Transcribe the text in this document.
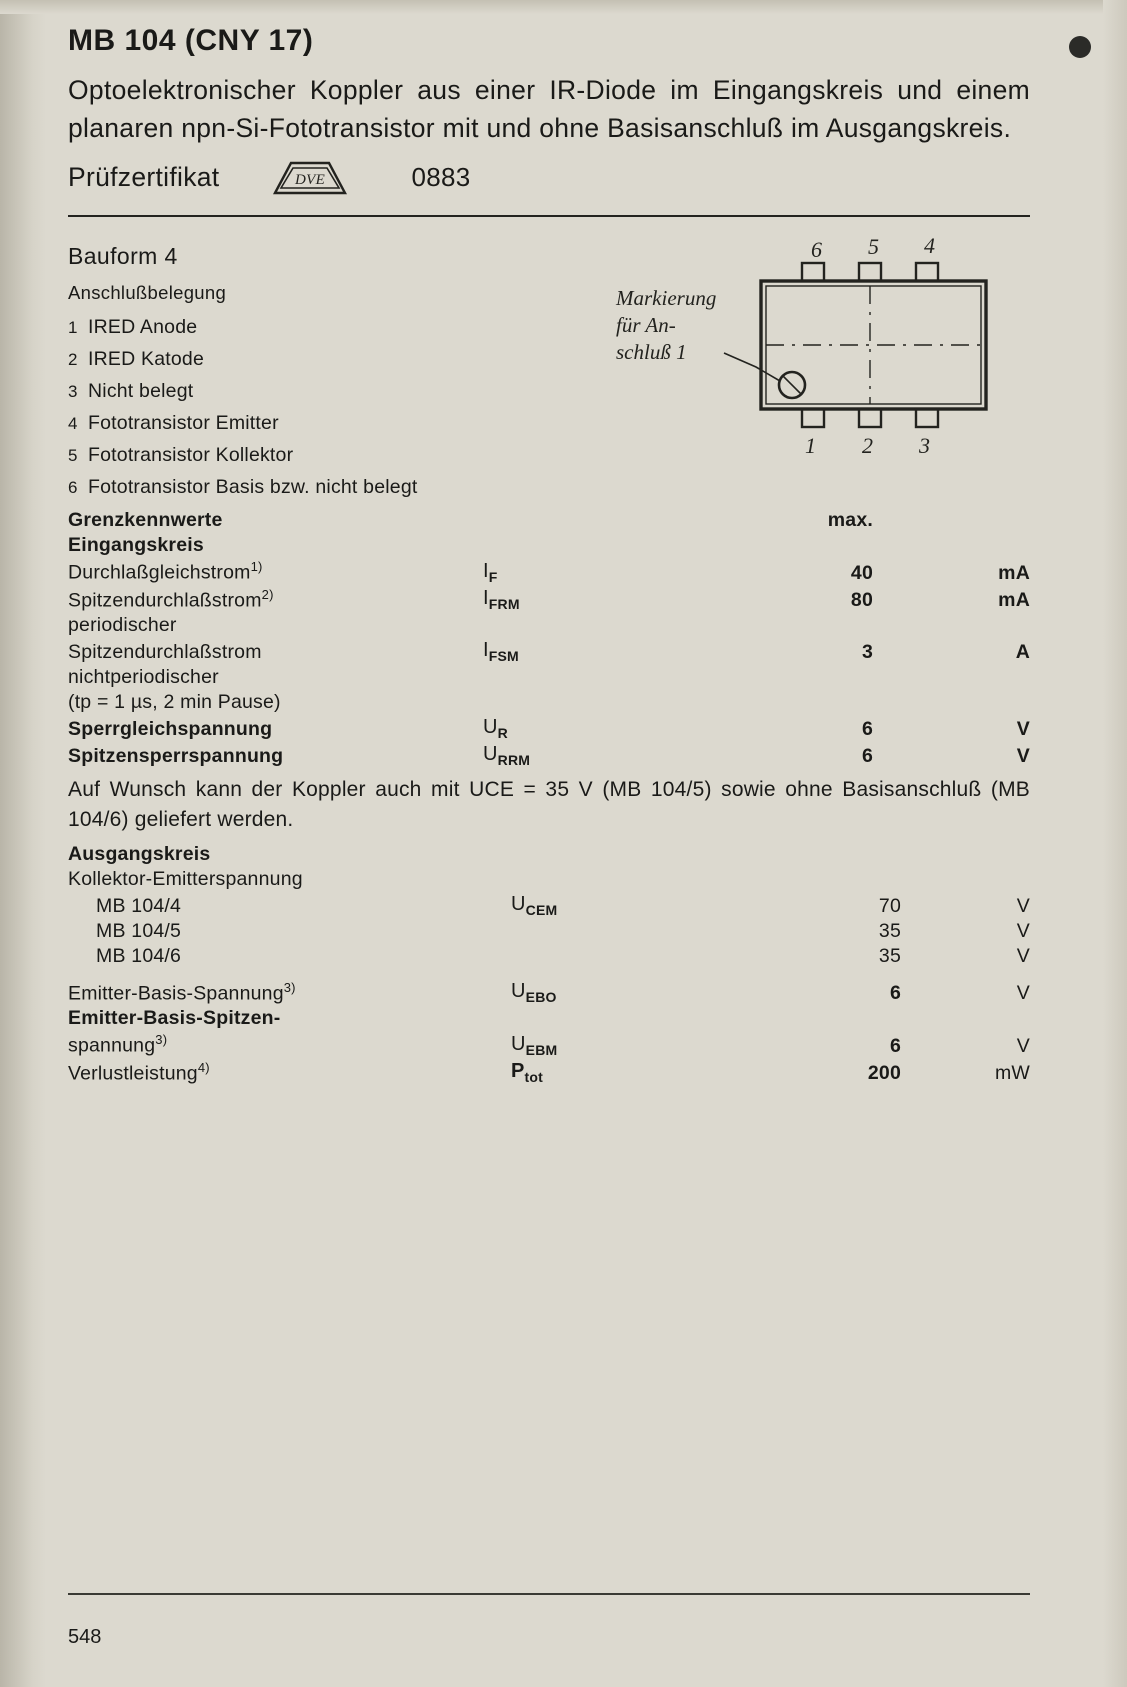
MB 104 (CNY 17)

Optoelektronischer Koppler aus einer IR-Diode im Eingangskreis und einem planaren npn-Si-Fototransistor mit und ohne Basisanschluß im Ausgangskreis.

Prüfzertifikat	DVE	0883
Bauform 4
Anschlußbelegung
1 IRED Anode
2 IRED Katode
3 Nicht belegt
4 Fototransistor Emitter
5 Fototransistor Kollektor
6 Fototransistor Basis bzw. nicht belegt
6 5 4
1 2 3
Markierung
für An-
schluß 1
Grenzkennwerte		max.	
Eingangskreis			
Durchlaßgleichstrom$^{1)}$	$I_F$	40	mA
Spitzendurchlaßstrom$^{2)}$	$I_{FRM}$	80	mA
periodischer			
Spitzendurchlaßstrom	$I_{FSM}$	3	A
nichtperiodischer			
(tp = 1 µs, 2 min Pause)			
Sperrgleichspannung	$U_R$	6	V
Spitzensperrspannung	$U_{RRM}$	6	V

Auf Wunsch kann der Koppler auch mit UCE = 35 V (MB 104/5) sowie ohne Basisanschluß (MB 104/6) geliefert werden.

Ausgangskreis			
Kollektor-Emitterspannung			
MB 104/4	$U_{CEM}$	70	V
MB 104/5		35	V
MB 104/6		35	V

Emitter-Basis-Spannung$^{3)}$	$U_{EBO}$	6	V
Emitter-Basis-Spitzen-			
spannung$^{3)}$	$U_{EBM}$	6	V
Verlustleistung$^{4)}$	$P_{tot}$	200	mW
548
